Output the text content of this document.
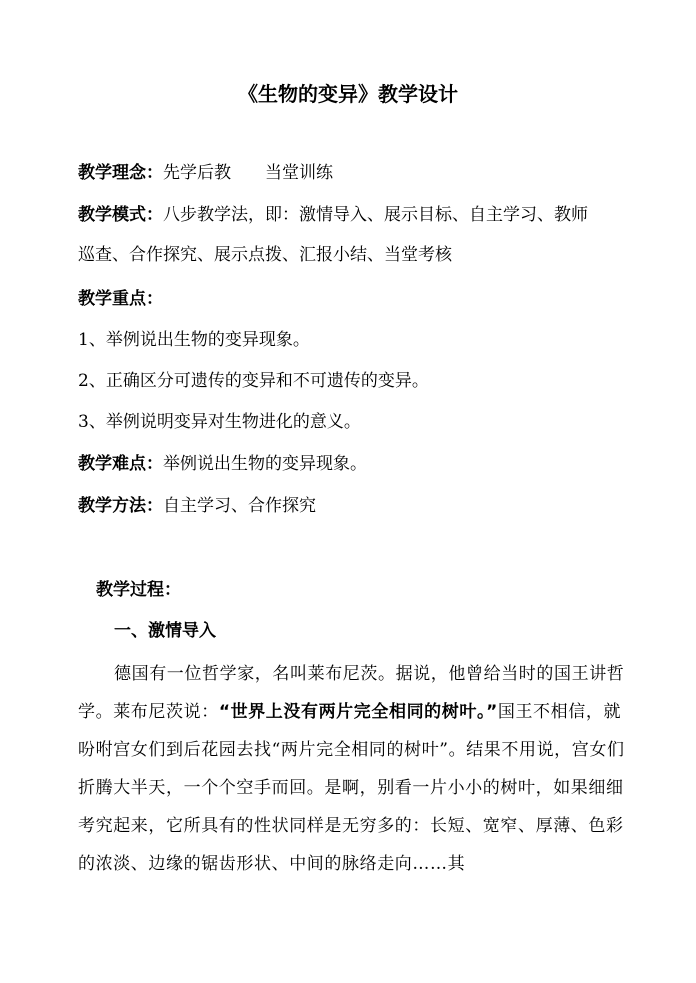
《生物的变异》教学设计
教学理念：先学后教 当堂训练
教学模式：八步教学法，即：激情导入、展示目标、自主学习、教师
巡查、合作探究、展示点拨、汇报小结、当堂考核
教学重点：
1、举例说出生物的变异现象。
2、正确区分可遗传的变异和不可遗传的变异。
3、举例说明变异对生物进化的意义。
教学难点：举例说出生物的变异现象。
教学方法：自主学习、合作探究
教学过程：
一、激情导入
德国有一位哲学家，名叫莱布尼茨。据说，他曾给当时的国王讲哲学。莱布尼茨说：“世界上没有两片完全相同的树叶。”国王不相信，就吩咐宫女们到后花园去找“两片完全相同的树叶”。结果不用说，宫女们折腾大半天，一个个空手而回。是啊，别看一片小小的树叶，如果细细考究起来，它所具有的性状同样是无穷多的：长短、宽窄、厚薄、色彩的浓淡、边缘的锯齿形状、中间的脉络走向……其
